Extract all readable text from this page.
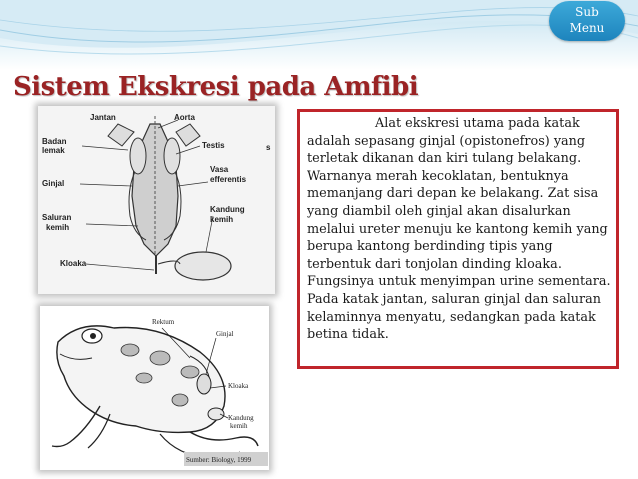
Sub
Menu
Sistem Ekskresi pada Amfibi
Jantan	Aorta
Badan
lemak
Testis
Vasa
efferentis
Ginjal
Saluran
kemih
Kandung
kemih
Kloaka
s
Rektum
Ginjal
Kloaka
Kandung
kemih
Sumber: Biology, 1999

Alat ekskresi utama pada katak adalah sepasang ginjal (opistonefros) yang terletak dikanan dan kiri tulang belakang. Warnanya merah kecoklatan, bentuknya memanjang dari depan ke belakang. Zat sisa yang diambil oleh ginjal akan disalurkan melalui ureter menuju ke kantong kemih yang berupa kantong berdinding tipis yang terbentuk dari tonjolan dinding kloaka. Fungsinya untuk menyimpan urine sementara. Pada katak jantan, saluran ginjal dan saluran kelaminnya menyatu, sedangkan pada katak betina tidak.
